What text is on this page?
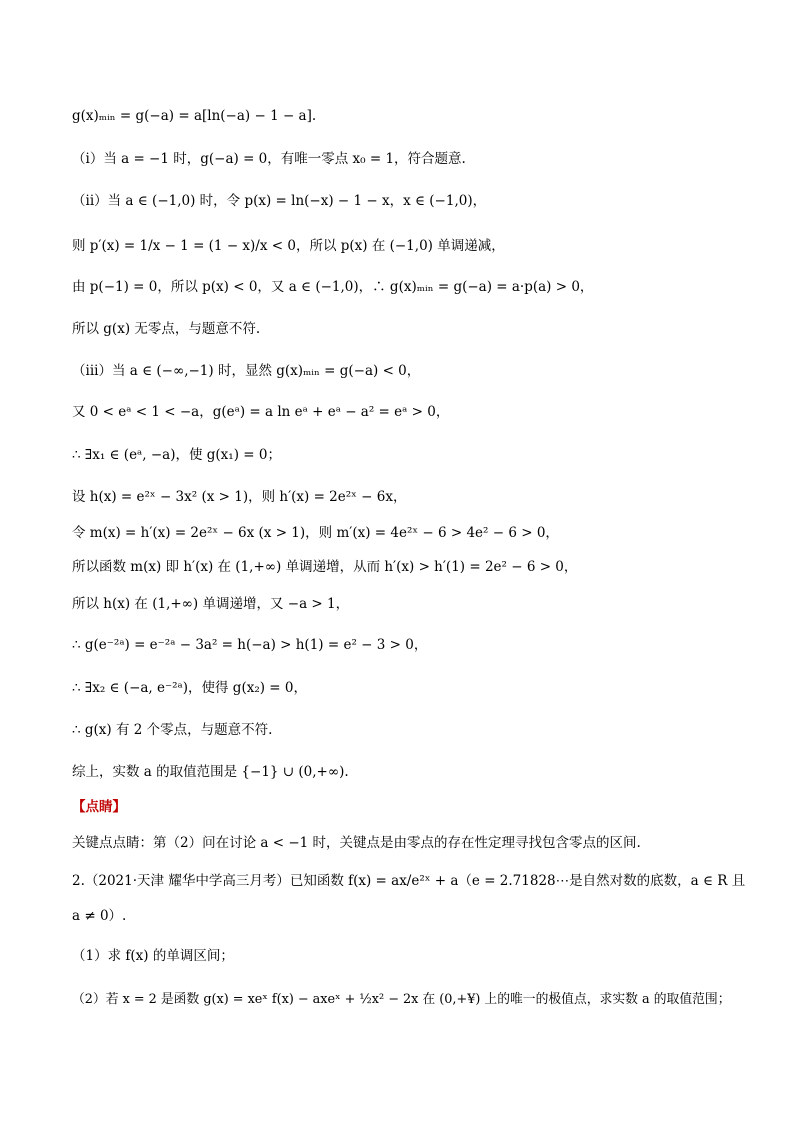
g(x)ₘᵢₙ = g(−a) = a[ln(−a) − 1 − a].
（i）当 a = −1 时，g(−a) = 0，有唯一零点 x₀ = 1，符合题意.
（ii）当 a ∈ (−1,0) 时，令 p(x) = ln(−x) − 1 − x，x ∈ (−1,0)，
则 p′(x) = 1/x − 1 = (1 − x)/x < 0，所以 p(x) 在 (−1,0) 单调递减，
由 p(−1) = 0，所以 p(x) < 0，又 a ∈ (−1,0)，∴ g(x)ₘᵢₙ = g(−a) = a·p(a) > 0，
所以 g(x) 无零点，与题意不符.
（iii）当 a ∈ (−∞,−1) 时，显然 g(x)ₘᵢₙ = g(−a) < 0，
又 0 < eᵃ < 1 < −a，g(eᵃ) = a ln eᵃ + eᵃ − a² = eᵃ > 0，
∴ ∃x₁ ∈ (eᵃ, −a)，使 g(x₁) = 0；
设 h(x) = e²ˣ − 3x² (x > 1)，则 h′(x) = 2e²ˣ − 6x，
令 m(x) = h′(x) = 2e²ˣ − 6x (x > 1)，则 m′(x) = 4e²ˣ − 6 > 4e² − 6 > 0，
所以函数 m(x) 即 h′(x) 在 (1,+∞) 单调递增，从而 h′(x) > h′(1) = 2e² − 6 > 0，
所以 h(x) 在 (1,+∞) 单调递增，又 −a > 1，
∴ g(e⁻²ᵃ) = e⁻²ᵃ − 3a² = h(−a) > h(1) = e² − 3 > 0，
∴ ∃x₂ ∈ (−a, e⁻²ᵃ)，使得 g(x₂) = 0，
∴ g(x) 有 2 个零点，与题意不符.
综上，实数 a 的取值范围是 {−1} ∪ (0,+∞).
【点睛】
关键点点睛：第（2）问在讨论 a < −1 时，关键点是由零点的存在性定理寻找包含零点的区间.
2.（2021·天津 耀华中学高三月考）已知函数 f(x) = ax/e²ˣ + a（e = 2.71828⋯是自然对数的底数，a ∈ R 且
a ≠ 0）.
（1）求 f(x) 的单调区间；
（2）若 x = 2 是函数 g(x) = xeˣ f(x) − axeˣ + ½x² − 2x 在 (0,+¥) 上的唯一的极值点，求实数 a 的取值范围；
